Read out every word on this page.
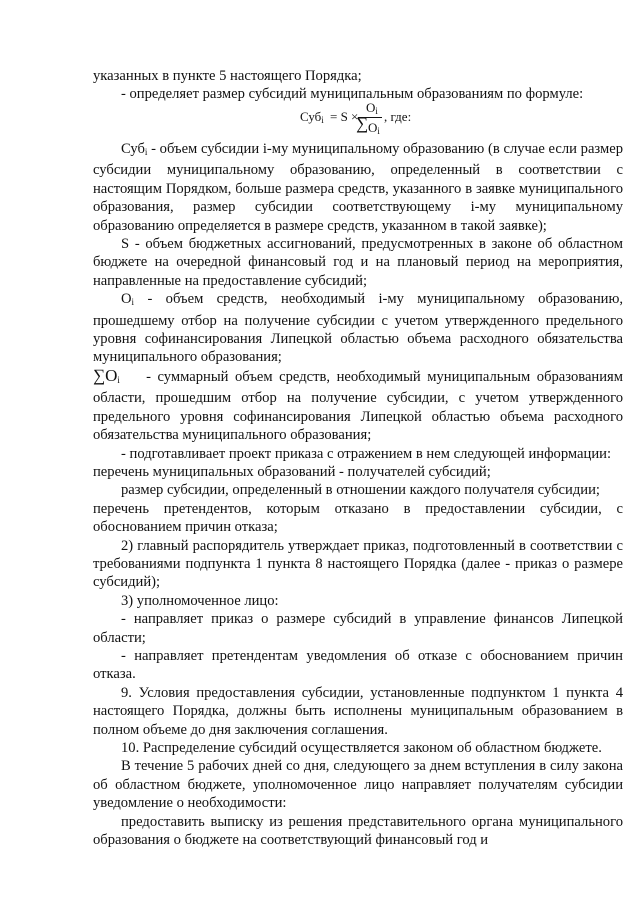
указанных в пункте 5 настоящего Порядка;

- определяет размер субсидий муниципальным образованиям по формуле:

Суб$_i$ = S ×
$O_i$
∑ $O_i$
, где:

Суб$_i$ - объем субсидии i-му муниципальному образованию (в случае если размер субсидии муниципальному образованию, определенный в соответствии с настоящим Порядком, больше размера средств, указанного в заявке муниципального образования, размер субсидии соответствующему i-му муниципальному образованию определяется в размере средств, указанном в такой заявке);

S - объем бюджетных ассигнований, предусмотренных в законе об областном бюджете на очередной финансовый год и на плановый период на мероприятия, направленные на предоставление субсидий;

$O_i$ - объем средств, необходимый i-му муниципальному образованию, прошедшему отбор на получение субсидии с учетом утвержденного предельного уровня софинансирования Липецкой областью объема расходного обязательства муниципального образования;

$\sum O_i$ - суммарный объем средств, необходимый муниципальным образованиям области, прошедшим отбор на получение субсидии, с учетом утвержденного предельного уровня софинансирования Липецкой областью объема расходного обязательства муниципального образования;

- подготавливает проект приказа с отражением в нем следующей информации:

перечень муниципальных образований - получателей субсидий;

размер субсидии, определенный в отношении каждого получателя субсидии;

перечень претендентов, которым отказано в предоставлении субсидии, с обоснованием причин отказа;

2) главный распорядитель утверждает приказ, подготовленный в соответствии с требованиями подпункта 1 пункта 8 настоящего Порядка (далее - приказ о размере субсидий);

3) уполномоченное лицо:

- направляет приказ о размере субсидий в управление финансов Липецкой области;

- направляет претендентам уведомления об отказе с обоснованием причин отказа.

9. Условия предоставления субсидии, установленные подпунктом 1 пункта 4 настоящего Порядка, должны быть исполнены муниципальным образованием в полном объеме до дня заключения соглашения.

10. Распределение субсидий осуществляется законом об областном бюджете.

В течение 5 рабочих дней со дня, следующего за днем вступления в силу закона об областном бюджете, уполномоченное лицо направляет получателям субсидии уведомление о необходимости:

предоставить выписку из решения представительного органа муниципального образования о бюджете на соответствующий финансовый год и
